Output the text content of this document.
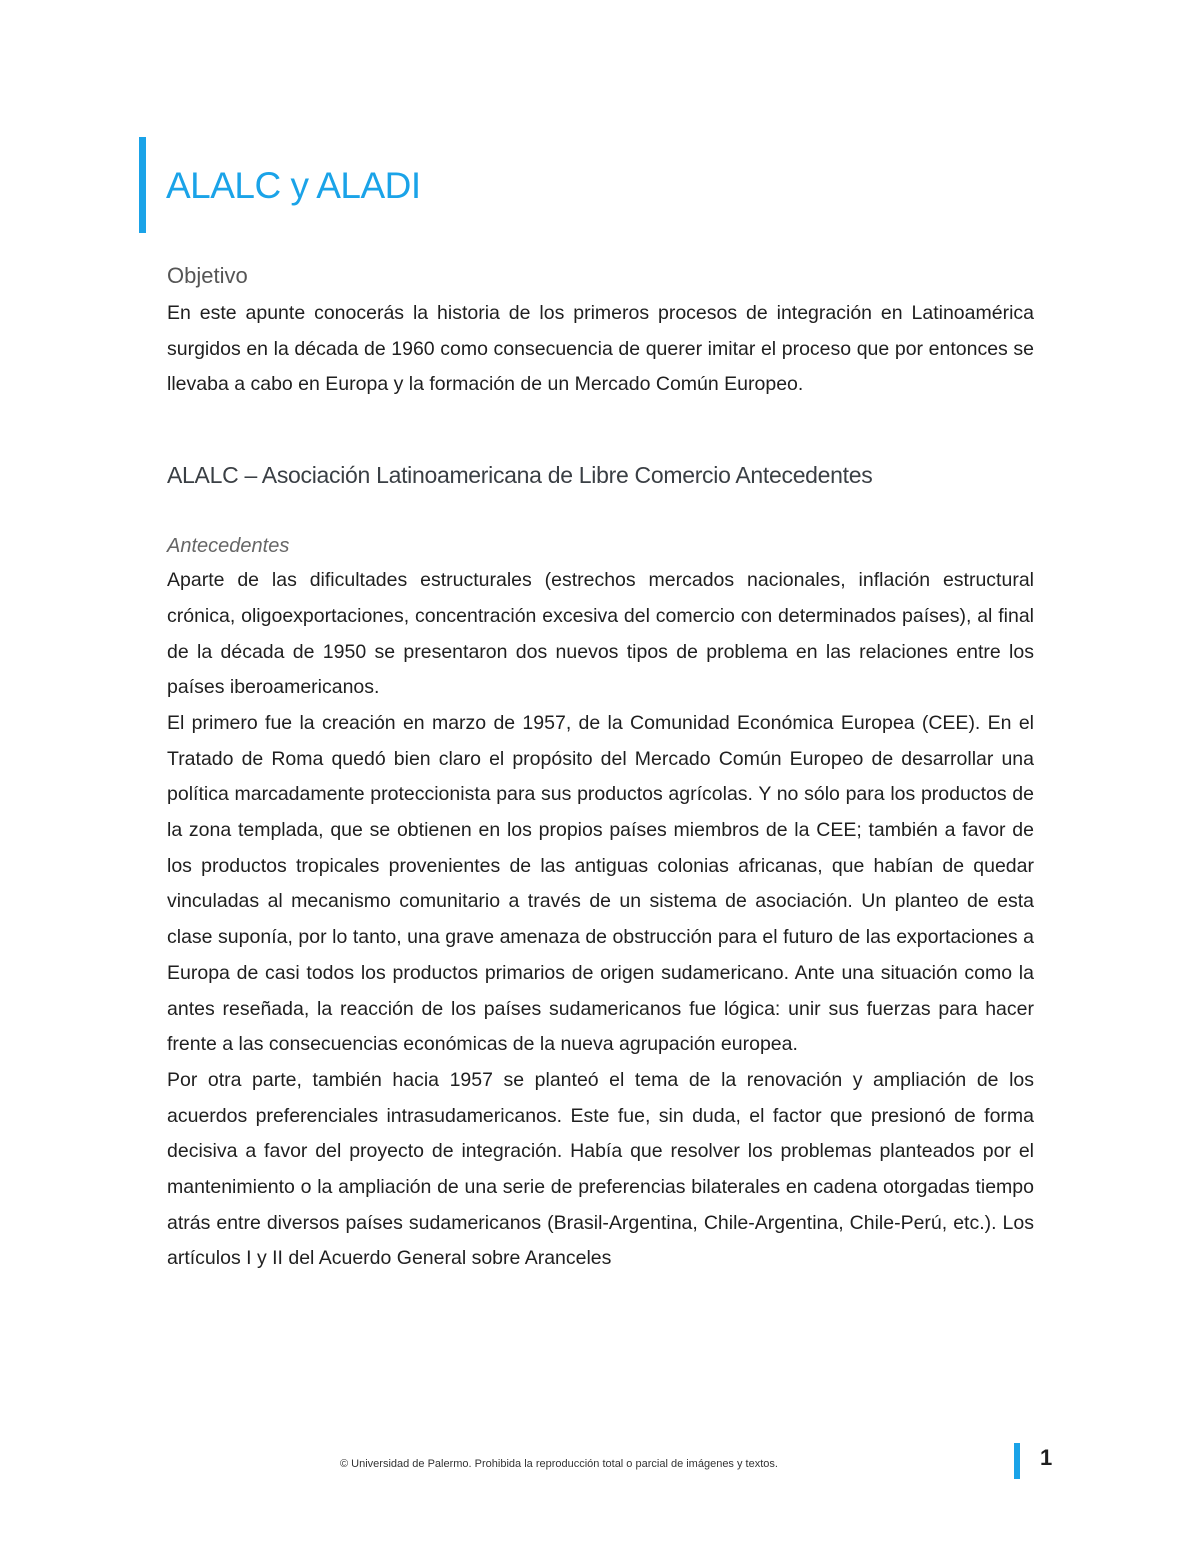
ALALC y ALADI
Objetivo

En este apunte conocerás la historia de los primeros procesos de integración en Latinoamérica surgidos en la década de 1960 como consecuencia de querer imitar el proceso que por entonces se llevaba a cabo en Europa y la formación de un Mercado Común Europeo.

ALALC – Asociación Latinoamericana de Libre Comercio Antecedentes
Antecedentes

Aparte de las dificultades estructurales (estrechos mercados nacionales, inflación estructural crónica, oligoexportaciones, concentración excesiva del comercio con determinados países), al final de la década de 1950 se presentaron dos nuevos tipos de problema en las relaciones entre los países iberoamericanos.

El primero fue la creación en marzo de 1957, de la Comunidad Económica Europea (CEE). En el Tratado de Roma quedó bien claro el propósito del Mercado Común Europeo de desarrollar una política marcadamente proteccionista para sus productos agrícolas. Y no sólo para los productos de la zona templada, que se obtienen en los propios países miembros de la CEE; también a favor de los productos tropicales provenientes de las antiguas colonias africanas, que habían de quedar vinculadas al mecanismo comunitario a través de un sistema de asociación. Un planteo de esta clase suponía, por lo tanto, una grave amenaza de obstrucción para el futuro de las exportaciones a Europa de casi todos los productos primarios de origen sudamericano. Ante una situación como la antes reseñada, la reacción de los países sudamericanos fue lógica: unir sus fuerzas para hacer frente a las consecuencias económicas de la nueva agrupación europea.

Por otra parte, también hacia 1957 se planteó el tema de la renovación y ampliación de los acuerdos preferenciales intrasudamericanos. Este fue, sin duda, el factor que presionó de forma decisiva a favor del proyecto de integración. Había que resolver los problemas planteados por el mantenimiento o la ampliación de una serie de preferencias bilaterales en cadena otorgadas tiempo atrás entre diversos países sudamericanos (Brasil-Argentina, Chile-Argentina, Chile-Perú, etc.). Los artículos I y II del Acuerdo General sobre Aranceles

© Universidad de Palermo. Prohibida la reproducción total o parcial de imágenes y textos.	1
